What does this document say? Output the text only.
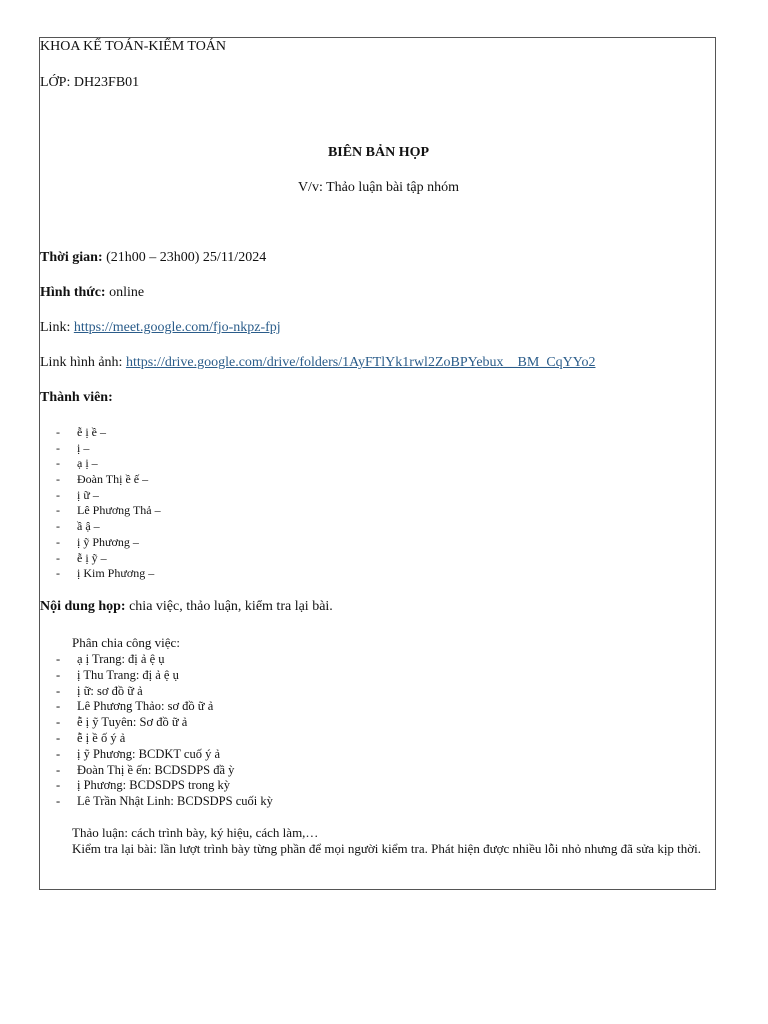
KHOA KẾ TOÁN-KIỂM TOÁN
LỚP: DH23FB01
BIÊN BẢN HỌP
V/v: Thảo luận bài tập nhóm
Thời gian: (21h00 – 23h00) 25/11/2024
Hình thức: online
Link: https://meet.google.com/fjo-nkpz-fpj
Link hình ảnh: https://drive.google.com/drive/folders/1AyFTlYk1rwl2ZoBPYebux__BM_CqYYo2
Thành viên:
- ễ ị ề –
- ị –
- ạ ị –
- Đoàn Thị ề ế –
- ị ữ –
- Lê Phương Thả –
- ầ ậ –
- ị ỹ Phương –
- ễ ị ỹ –
- ị Kim Phương –
Nội dung họp: chia việc, thảo luận, kiểm tra lại bài.
Phân chia công việc:
- ạ ị Trang: đị ả ệ ụ
- ị Thu Trang: đị ả ệ ụ
- ị ữ: sơ đồ ữ ả
- Lê Phương Thảo: sơ đồ ữ ả
- ễ ị ỹ Tuyên: Sơ đồ ữ ả
- ễ ị ề ố ý ả
- ị ỹ Phương: BCDKT cuố ý ả
- Đoàn Thị ề ến: BCDSDPS đầ ỳ
- ị Phương: BCDSDPS trong kỳ
- Lê Trần Nhật Linh: BCDSDPS cuối kỳ
Thảo luận: cách trình bày, ký hiệu, cách làm,…
Kiểm tra lại bài: lần lượt trình bày từng phần để mọi người kiểm tra. Phát hiện được nhiều lỗi nhỏ nhưng đã sửa kịp thời.
